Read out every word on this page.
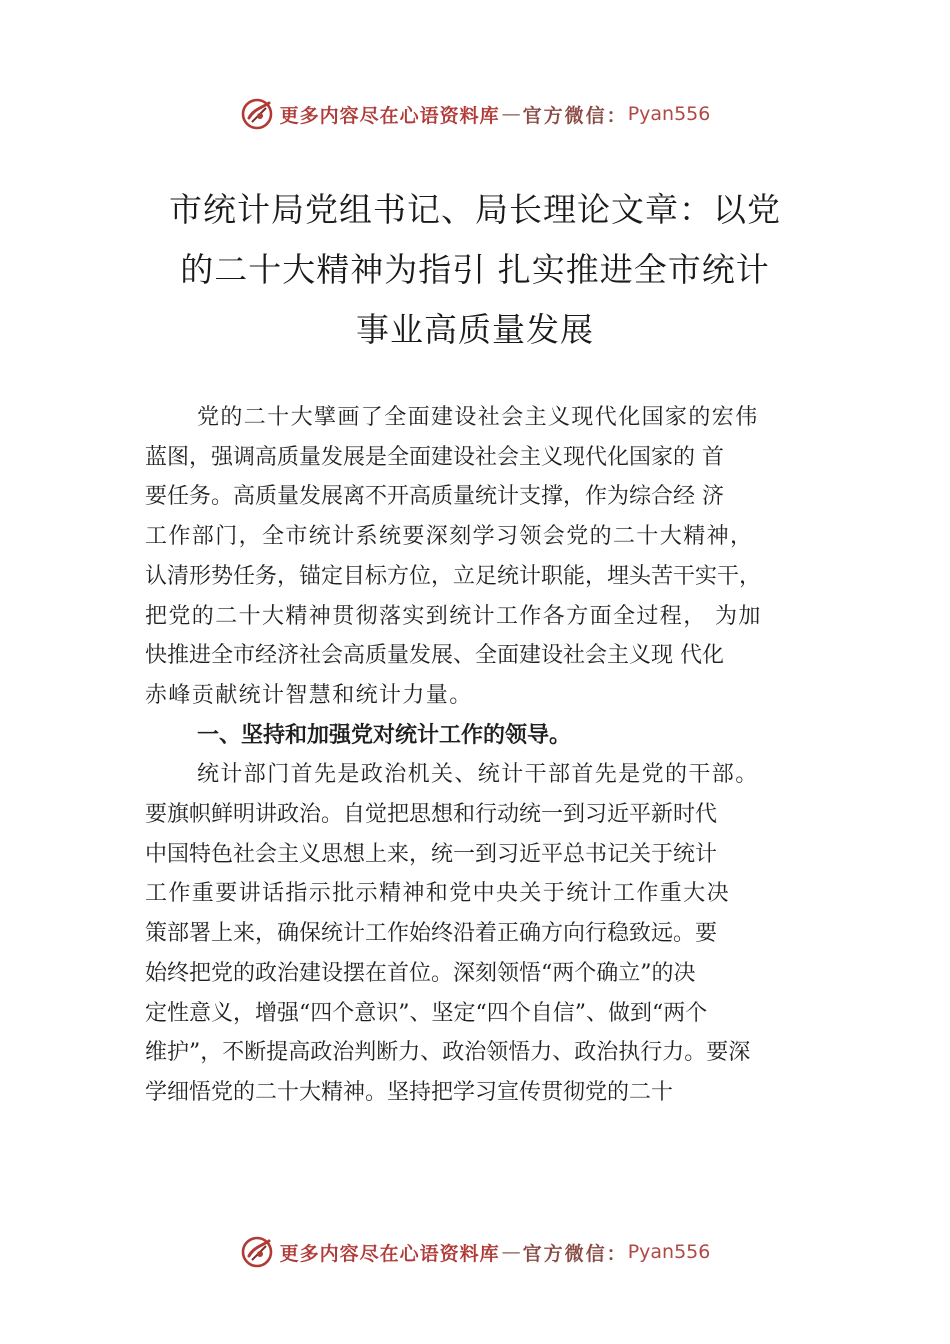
更多内容尽在心语资料库 — 官方微信： Pyan556
市统计局党组书记、局长理论文章：以党
的二十大精神为指引 扎实推进全市统计
事业高质量发展
党的二十大擘画了全面建设社会主义现代化国家的宏伟
蓝图，强调高质量发展是全面建设社会主义现代化国家的 首
要任务。高质量发展离不开高质量统计支撑，作为综合经 济
工作部门，全市统计系统要深刻学习领会党的二十大精神，
认清形势任务，锚定目标方位，立足统计职能，埋头苦干实干，
把党的二十大精神贯彻落实到统计工作各方面全过程， 为加
快推进全市经济社会高质量发展、全面建设社会主义现 代化
赤峰贡献统计智慧和统计力量。
一、坚持和加强党对统计工作的领导。
统计部门首先是政治机关、统计干部首先是党的干部。
要旗帜鲜明讲政治。自觉把思想和行动统一到习近平新时代
中国特色社会主义思想上来，统一到习近平总书记关于统计
工作重要讲话指示批示精神和党中央关于统计工作重大决
策部署上来，确保统计工作始终沿着正确方向行稳致远。要
始终把党的政治建设摆在首位。深刻领悟“两个确立”的决
定性意义，增强“四个意识”、坚定“四个自信”、做到“两个
维护”，不断提高政治判断力、政治领悟力、政治执行力。要深
学细悟党的二十大精神。坚持把学习宣传贯彻党的二十
更多内容尽在心语资料库 — 官方微信： Pyan556
